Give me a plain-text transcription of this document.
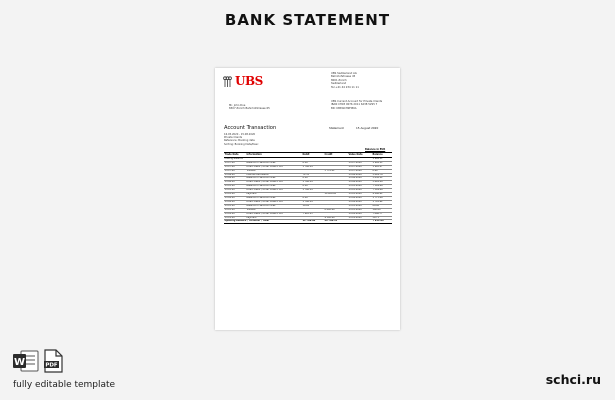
BANK STATEMENT
UBS
UBS Switzerland AG
Bahnhofstrasse 45
8001 Zürich
Switzerland
Tel +41 44 234 11 11
UBS Current Account for Private Clients
IBAN CH93 0076 2011 6238 5295 7
BIC UBSWCHZH80A
Mr. John Doe
8307 Zürich Bahnhofstrasse 65
Account Transaction	Statement	15 August 2020
16.05.2020 - 15.08.2020
Private Clients
Reference: Booking date
Sorting: Booking Date/Desc
Balance in EUR
Trade Date	Information	Debit	Credit	Value Date	Balance
Closing Balance					1'984.11
15.07.20	Balance of Service Prices	8.16		15.07.2020	1'984.11
15.07.20	Direct Debit / Order Collect. Ltd	1'786.14		15.07.2020	1'992.27
15.07.20	Transfer		3'778.41	15.07.2020	0.00
15.06.20	Internal Calculation	71.35		15.06.2020	3'849.76
15.06.20	Balance of Service Prices	8.16		15.06.2020	3'858.12
15.06.20	Direct Debit / Order Collect. Ltd	1'786.14		15.06.2020	5'644.26
15.05.20	Balance of Service Prices	8.16		15.05.2020	7'509.06
15.05.20	Direct Debit / Order Collect. Ltd	1'786.14		15.05.2020	7'509.06
15.05.20	Payment		10'000.00	15.05.2020	9'286.81
15.04.20	Balance of Service Prices	8.16		15.04.2020	1'773.46
15.04.20	Direct Debit / Order Collect. Ltd	1'786.14		15.04.2020	1'781.62
15.03.20	Balance of Service Prices	10.62		15.03.2020	88.60
15.03.20	Transfer		8'800.00	15.03.2020	100.00
15.02.20	Direct Debit / Order Collect. Ltd	7'965.13		15.02.2020	7'866.77
15.01.20	Payment		9'500.00	15.01.2020	59.73
Opening Balance / Turnover / Total		12'789.00	26'788.15		7'941.86
W	PDF
fully editable template	schci.ru
